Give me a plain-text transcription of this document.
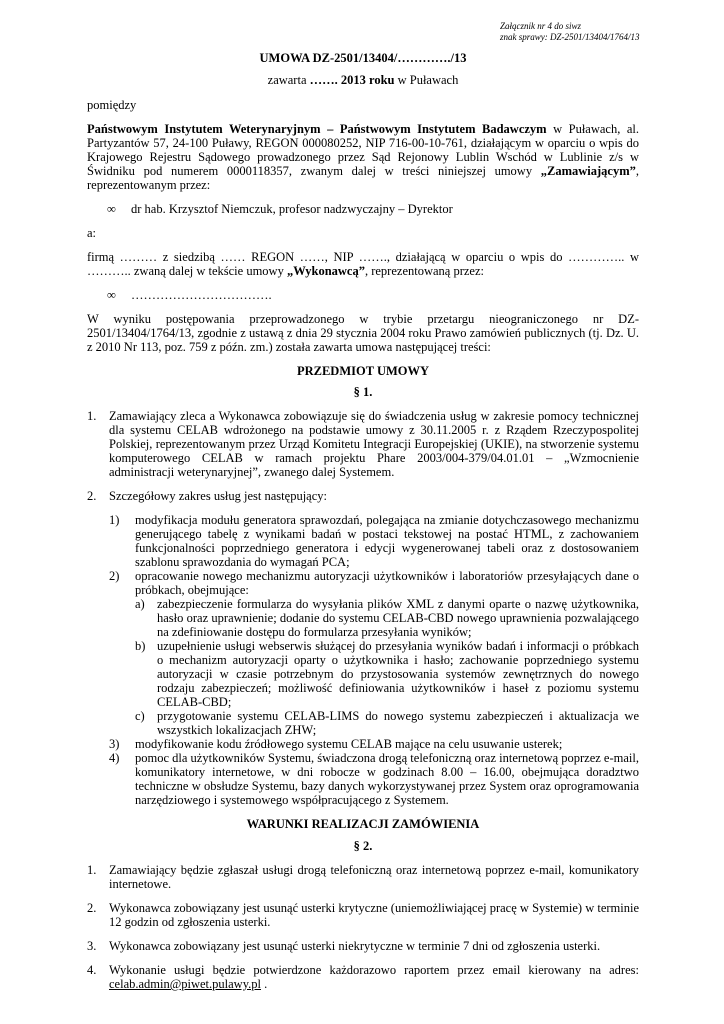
Załącznik nr 4 do siwz
znak sprawy: DZ-2501/13404/1764/13

UMOWA DZ-2501/13404/…………./13

zawarta ……. 2013 roku w Puławach

pomiędzy

Państwowym Instytutem Weterynaryjnym – Państwowym Instytutem Badawczym w Puławach, al. Partyzantów 57, 24-100 Puławy, REGON 000080252, NIP 716-00-10-761, działającym w oparciu o wpis do Krajowego Rejestru Sądowego prowadzonego przez Sąd Rejonowy Lublin Wschód w Lublinie z/s w Świdniku pod numerem 0000118357, zwanym dalej w treści niniejszej umowy „Zamawiającym”, reprezentowanym przez:

∞ dr hab. Krzysztof Niemczuk, profesor nadzwyczajny – Dyrektor

a:

firmą ……… z siedzibą …… REGON ……, NIP ……., działającą w oparciu o wpis do ………….. w ……….. zwaną dalej w tekście umowy „Wykonawcą”, reprezentowaną przez:

∞ …………………………….

W wyniku postępowania przeprowadzonego w trybie przetargu nieograniczonego nr DZ-2501/13404/1764/13, zgodnie z ustawą z dnia 29 stycznia 2004 roku Prawo zamówień publicznych (tj. Dz. U. z 2010 Nr 113, poz. 759 z późn. zm.) została zawarta umowa następującej treści:

PRZEDMIOT UMOWY

§ 1.

1. Zamawiający zleca a Wykonawca zobowiązuje się do świadczenia usług w zakresie pomocy technicznej dla systemu CELAB wdrożonego na podstawie umowy z 30.11.2005 r. z Rządem Rzeczypospolitej Polskiej, reprezentowanym przez Urząd Komitetu Integracji Europejskiej (UKIE), na stworzenie systemu komputerowego CELAB w ramach projektu Phare 2003/004-379/04.01.01 – „Wzmocnienie administracji weterynaryjnej”, zwanego dalej Systemem.

2. Szczegółowy zakres usług jest następujący:

1) modyfikacja modułu generatora sprawozdań, polegająca na zmianie dotychczasowego mechanizmu generującego tabelę z wynikami badań w postaci tekstowej na postać HTML, z zachowaniem funkcjonalności poprzedniego generatora i edycji wygenerowanej tabeli oraz z dostosowaniem szablonu sprawozdania do wymagań PCA;

2) opracowanie nowego mechanizmu autoryzacji użytkowników i laboratoriów przesyłających dane o próbkach, obejmujące:

a) zabezpieczenie formularza do wysyłania plików XML z danymi oparte o nazwę użytkownika, hasło oraz uprawnienie; dodanie do systemu CELAB-CBD nowego uprawnienia pozwalającego na zdefiniowanie dostępu do formularza przesyłania wyników;

b) uzupełnienie usługi webserwis służącej do przesyłania wyników badań i informacji o próbkach o mechanizm autoryzacji oparty o użytkownika i hasło; zachowanie poprzedniego systemu autoryzacji w czasie potrzebnym do przystosowania systemów zewnętrznych do nowego rodzaju zabezpieczeń; możliwość definiowania użytkowników i haseł z poziomu systemu CELAB-CBD;

c) przygotowanie systemu CELAB-LIMS do nowego systemu zabezpieczeń i aktualizacja we wszystkich lokalizacjach ZHW;

3) modyfikowanie kodu źródłowego systemu CELAB mające na celu usuwanie usterek;

4) pomoc dla użytkowników Systemu, świadczona drogą telefoniczną oraz internetową poprzez e-mail, komunikatory internetowe, w dni robocze w godzinach 8.00 – 16.00, obejmująca doradztwo techniczne w obsłudze Systemu, bazy danych wykorzystywanej przez System oraz oprogramowania narzędziowego i systemowego współpracującego z Systemem.

WARUNKI REALIZACJI ZAMÓWIENIA

§ 2.

1. Zamawiający będzie zgłaszał usługi drogą telefoniczną oraz internetową poprzez e-mail, komunikatory internetowe.

2. Wykonawca zobowiązany jest usunąć usterki krytyczne (uniemożliwiającej pracę w Systemie) w terminie 12 godzin od zgłoszenia usterki.

3. Wykonawca zobowiązany jest usunąć usterki niekrytyczne w terminie 7 dni od zgłoszenia usterki.

4. Wykonanie usługi będzie potwierdzone każdorazowo raportem przez email kierowany na adres: celab.admin@piwet.pulawy.pl .
